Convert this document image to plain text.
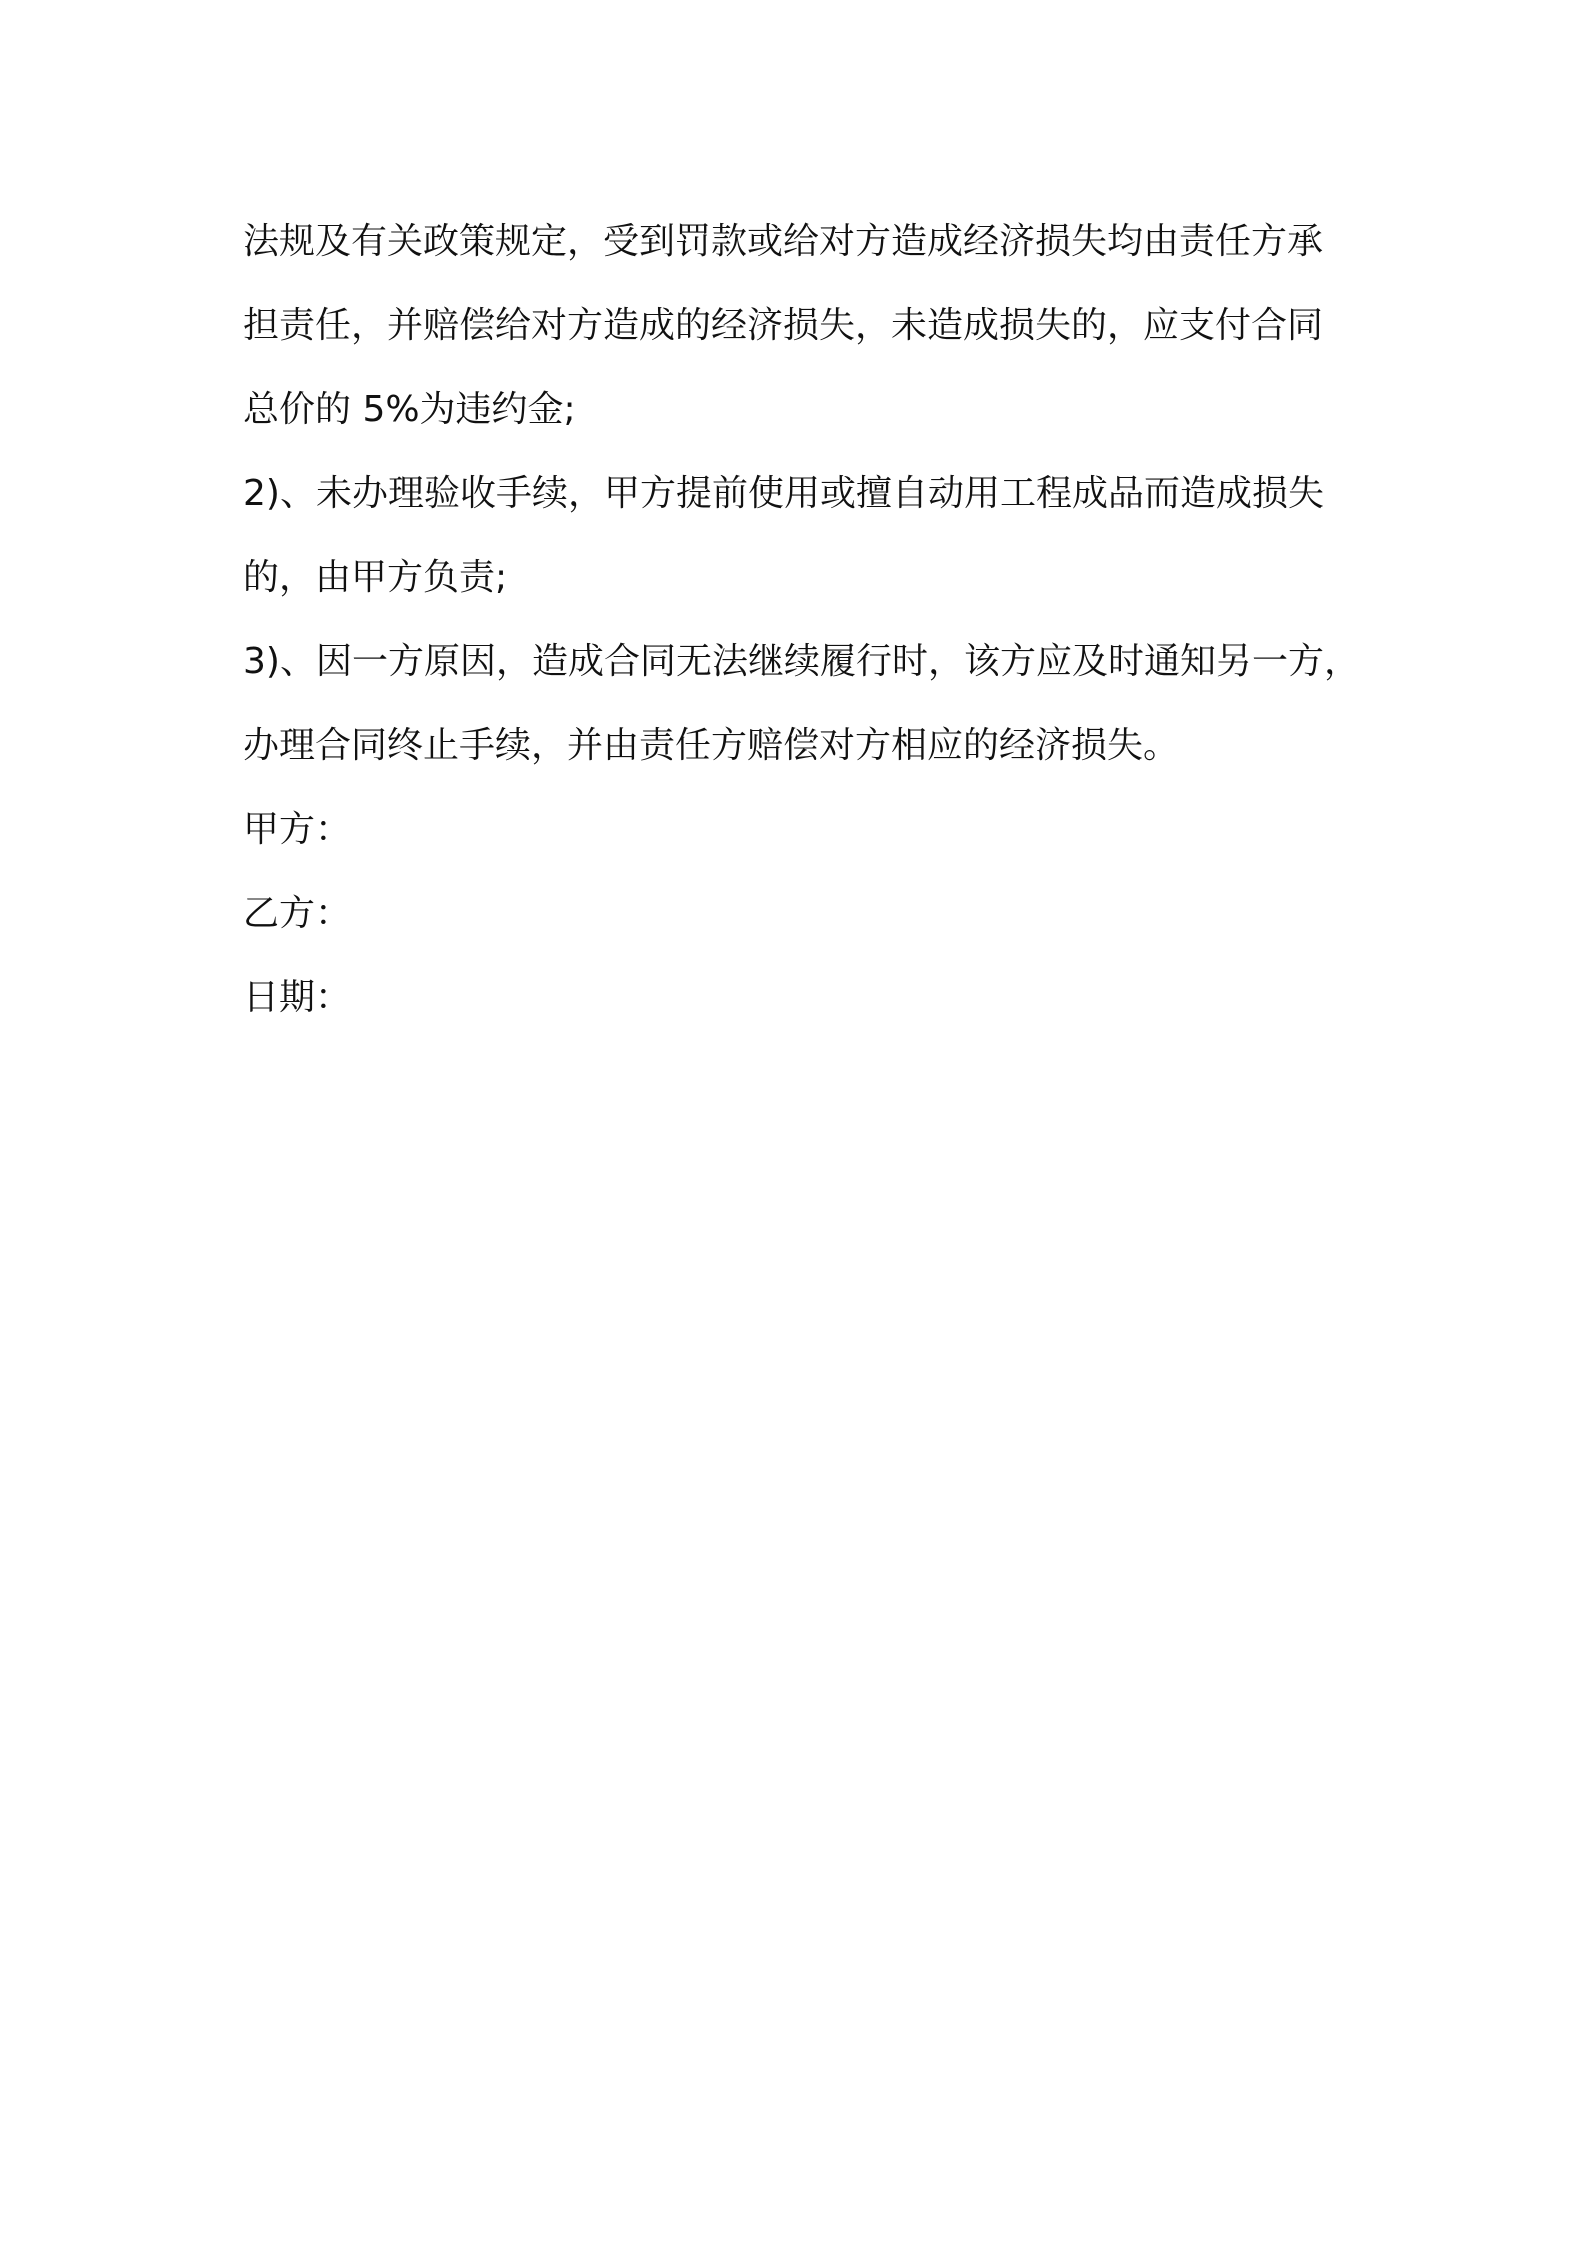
法规及有关政策规定，受到罚款或给对方造成经济损失均由责任方承
担责任，并赔偿给对方造成的经济损失，未造成损失的，应支付合同
总价的 5%为违约金;
2)、未办理验收手续，甲方提前使用或擅自动用工程成品而造成损失
的，由甲方负责;
3)、因一方原因，造成合同无法继续履行时，该方应及时通知另一方，
办理合同终止手续，并由责任方赔偿对方相应的经济损失。
甲方：
乙方：
日期：
